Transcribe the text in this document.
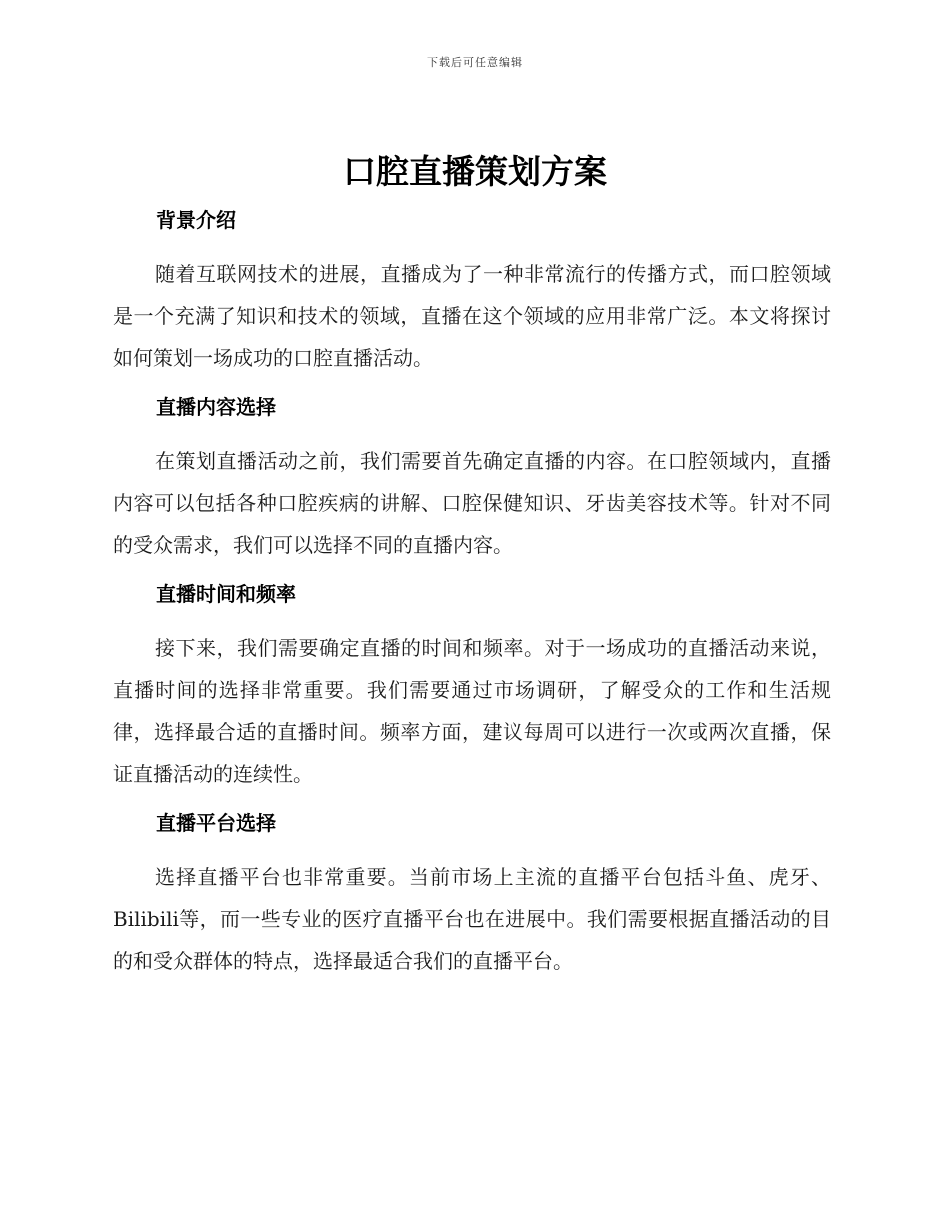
下载后可任意编辑
口腔直播策划方案
背景介绍

随着互联网技术的进展，直播成为了一种非常流行的传播方式，而口腔领域是一个充满了知识和技术的领域，直播在这个领域的应用非常广泛。本文将探讨如何策划一场成功的口腔直播活动。

直播内容选择

在策划直播活动之前，我们需要首先确定直播的内容。在口腔领域内，直播内容可以包括各种口腔疾病的讲解、口腔保健知识、牙齿美容技术等。针对不同的受众需求，我们可以选择不同的直播内容。

直播时间和频率

接下来，我们需要确定直播的时间和频率。对于一场成功的直播活动来说，直播时间的选择非常重要。我们需要通过市场调研，了解受众的工作和生活规律，选择最合适的直播时间。频率方面，建议每周可以进行一次或两次直播，保证直播活动的连续性。

直播平台选择

选择直播平台也非常重要。当前市场上主流的直播平台包括斗鱼、虎牙、Bilibili等，而一些专业的医疗直播平台也在进展中。我们需要根据直播活动的目的和受众群体的特点，选择最适合我们的直播平台。
